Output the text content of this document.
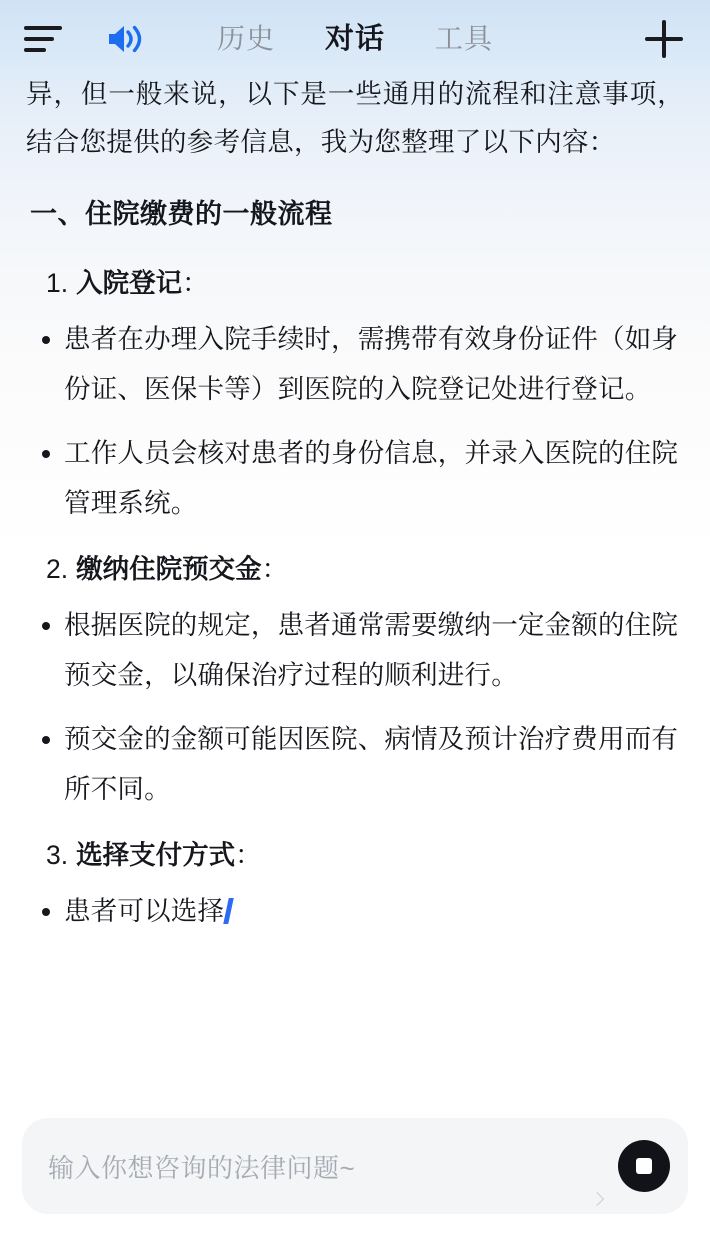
历史 对话 工具

异，但一般来说，以下是一些通用的流程和注意事项，结合您提供的参考信息，我为您整理了以下内容：

一、住院缴费的一般流程
1 . 入院登记 ：
患者在办理入院手续时，需携带有效身份证件（如身份证、医保卡等）到医院的入院登记处进行登记。
工作人员会核对患者的身份信息，并录入医院的住院管理系统。
2 . 缴纳住院预交金 ：
根据医院的规定，患者通常需要缴纳一定金额的住院预交金，以确保治疗过程的顺利进行。
预交金的金额可能因医院、病情及预计治疗费用而有所不同。
3 . 选择支付方式 ：
患者可以选择
输入你想咨询的法律问题~
